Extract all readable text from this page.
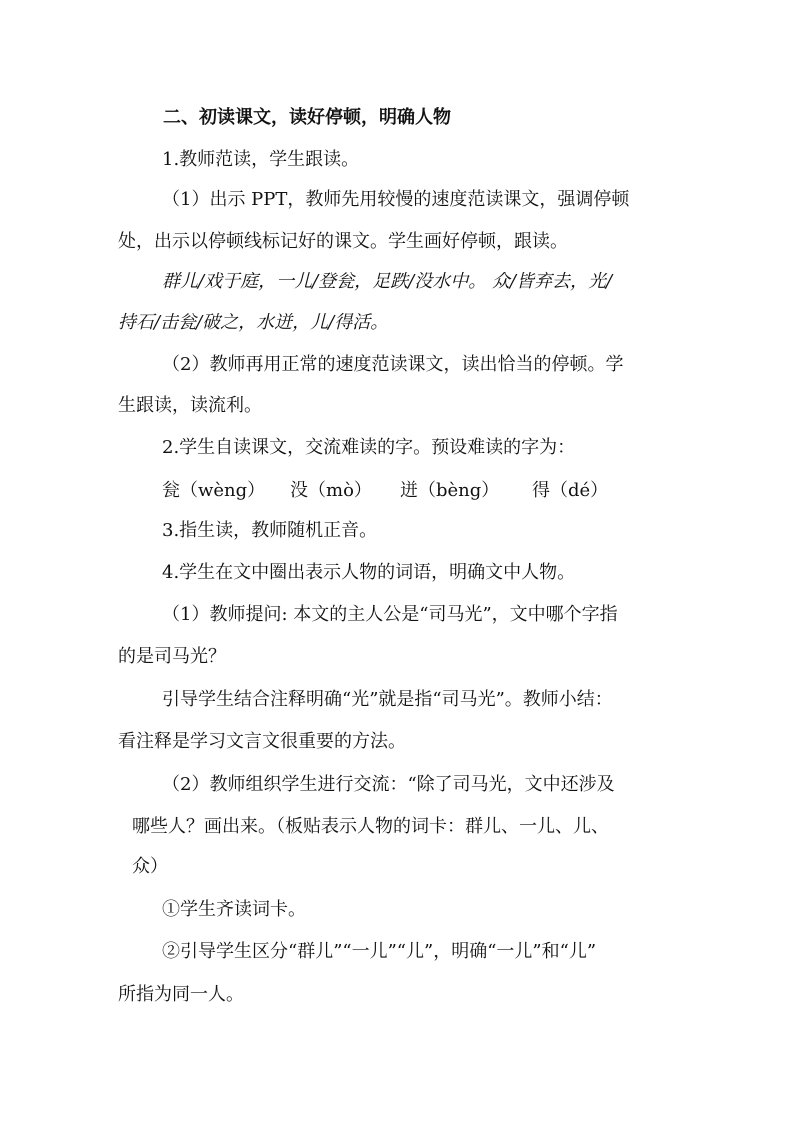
二、初读课文，读好停顿，明确人物
1.教师范读，学生跟读。
（1）出示 PPT，教师先用较慢的速度范读课文，强调停顿
处，出示以停顿线标记好的课文。学生画好停顿，跟读。
群儿/戏于庭，一儿/登瓮，足跌/没水中。 众/皆弃去，光/
持石/击瓮/破之，水迸，儿/得活。
（2）教师再用正常的速度范读课文，读出恰当的停顿。学
生跟读，读流利。
2.学生自读课文，交流难读的字。预设难读的字为：
瓮（wèng） 没（mò） 迸（bèng） 得（dé）
3.指生读，教师随机正音。
4.学生在文中圈出表示人物的词语，明确文中人物。
（1）教师提问: 本文的主人公是“司马光”，文中哪个字指
的是司马光？
引导学生结合注释明确“光”就是指“司马光”。教师小结：
看注释是学习文言文很重要的方法。
（2）教师组织学生进行交流：“除了司马光，文中还涉及
哪些人？画出来。（板贴表示人物的词卡：群儿、一儿、儿、
众）
①学生齐读词卡。
②引导学生区分“群儿”“一儿”“儿”，明确“一儿”和“儿”
所指为同一人。
